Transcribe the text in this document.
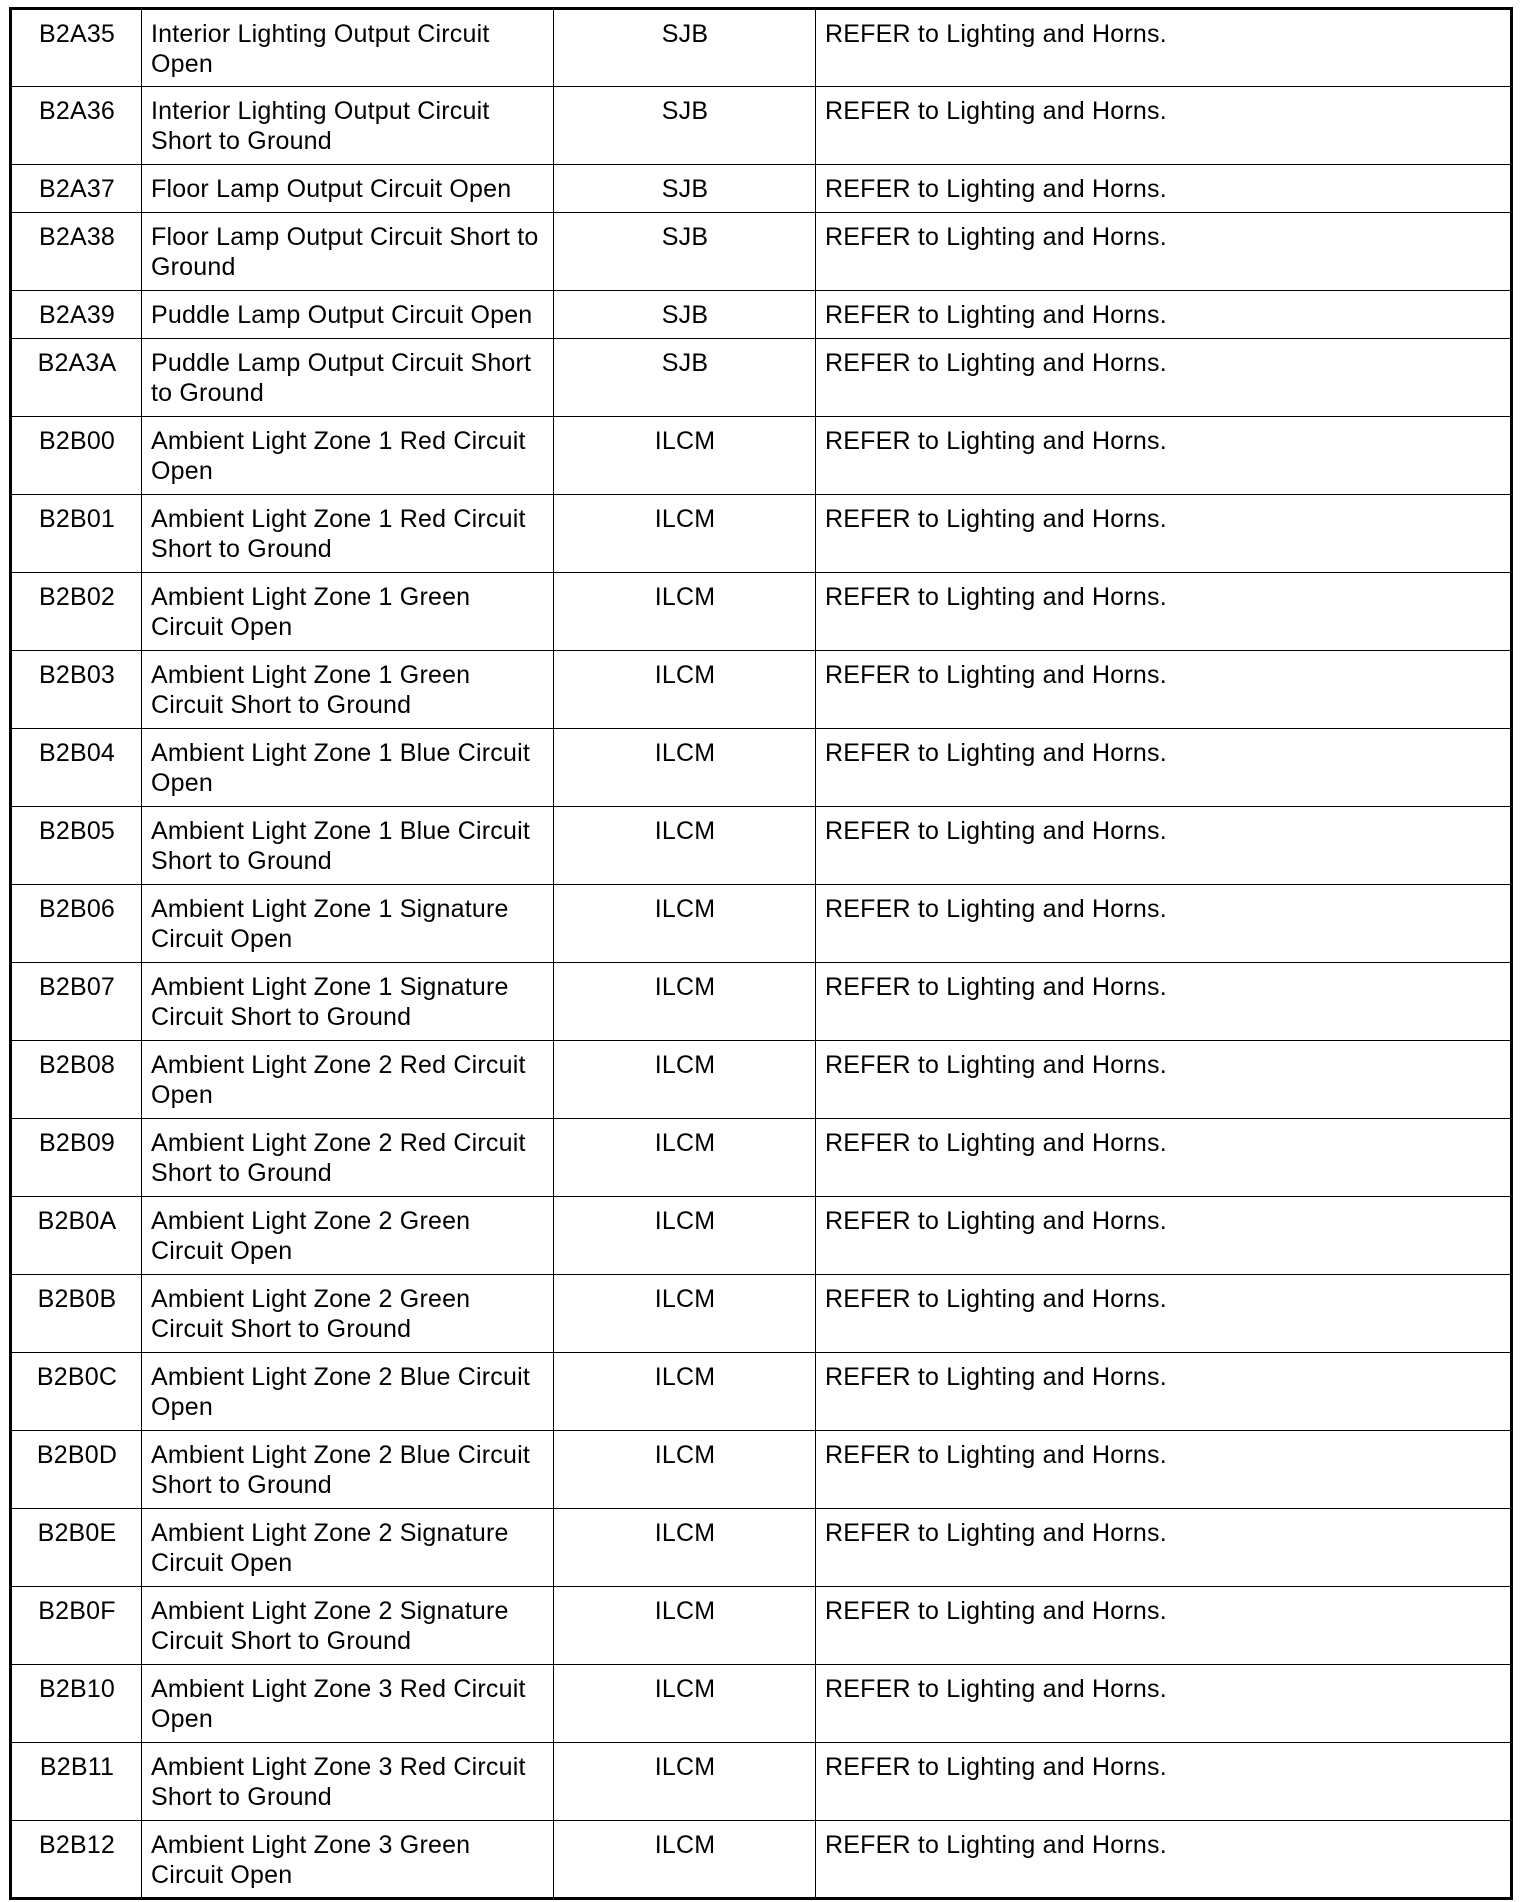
B2A35	Interior Lighting Output Circuit Open	SJB	REFER to Lighting and Horns.
B2A36	Interior Lighting Output Circuit Short to Ground	SJB	REFER to Lighting and Horns.
B2A37	Floor Lamp Output Circuit Open	SJB	REFER to Lighting and Horns.
B2A38	Floor Lamp Output Circuit Short to Ground	SJB	REFER to Lighting and Horns.
B2A39	Puddle Lamp Output Circuit Open	SJB	REFER to Lighting and Horns.
B2A3A	Puddle Lamp Output Circuit Short to Ground	SJB	REFER to Lighting and Horns.
B2B00	Ambient Light Zone 1 Red Circuit Open	ILCM	REFER to Lighting and Horns.
B2B01	Ambient Light Zone 1 Red Circuit Short to Ground	ILCM	REFER to Lighting and Horns.
B2B02	Ambient Light Zone 1 Green Circuit Open	ILCM	REFER to Lighting and Horns.
B2B03	Ambient Light Zone 1 Green Circuit Short to Ground	ILCM	REFER to Lighting and Horns.
B2B04	Ambient Light Zone 1 Blue Circuit Open	ILCM	REFER to Lighting and Horns.
B2B05	Ambient Light Zone 1 Blue Circuit Short to Ground	ILCM	REFER to Lighting and Horns.
B2B06	Ambient Light Zone 1 Signature Circuit Open	ILCM	REFER to Lighting and Horns.
B2B07	Ambient Light Zone 1 Signature Circuit Short to Ground	ILCM	REFER to Lighting and Horns.
B2B08	Ambient Light Zone 2 Red Circuit Open	ILCM	REFER to Lighting and Horns.
B2B09	Ambient Light Zone 2 Red Circuit Short to Ground	ILCM	REFER to Lighting and Horns.
B2B0A	Ambient Light Zone 2 Green Circuit Open	ILCM	REFER to Lighting and Horns.
B2B0B	Ambient Light Zone 2 Green Circuit Short to Ground	ILCM	REFER to Lighting and Horns.
B2B0C	Ambient Light Zone 2 Blue Circuit Open	ILCM	REFER to Lighting and Horns.
B2B0D	Ambient Light Zone 2 Blue Circuit Short to Ground	ILCM	REFER to Lighting and Horns.
B2B0E	Ambient Light Zone 2 Signature Circuit Open	ILCM	REFER to Lighting and Horns.
B2B0F	Ambient Light Zone 2 Signature Circuit Short to Ground	ILCM	REFER to Lighting and Horns.
B2B10	Ambient Light Zone 3 Red Circuit Open	ILCM	REFER to Lighting and Horns.
B2B11	Ambient Light Zone 3 Red Circuit Short to Ground	ILCM	REFER to Lighting and Horns.
B2B12	Ambient Light Zone 3 Green Circuit Open	ILCM	REFER to Lighting and Horns.
